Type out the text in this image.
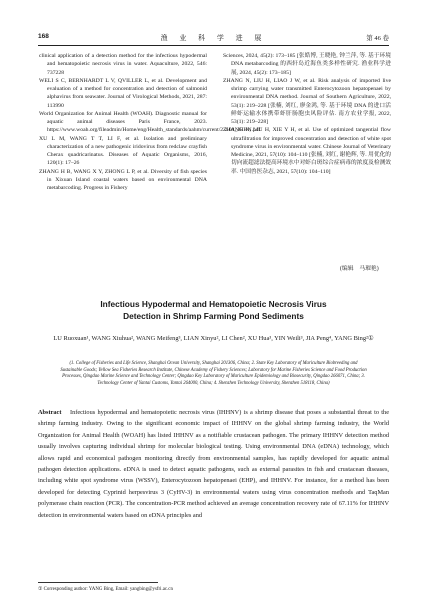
168	渔 业 科 学 进 展	第 46 卷
clinical application of a detection method for the infectious hypodermal and hematopoietic necrosis virus in water. Aquaculture, 2022, 546: 737228
WELI S C, BERNHARDT L V, QVILLER L, et al. Development and evaluation of a method for concentration and detection of salmonid alphavirus from seawater. Journal of Virological Methods, 2021, 287: 113990
World Organization for Animal Health (WOAH). Diagnostic manual for aquatic animal diseases Paris France, 2023. https://www.woah.org/fileadmin/Home/eng/Health_standards/aahm/current/2.2.04_IHHN.pdf
XU L M, WANG T T, LI F, et al. Isolation and preliminary characterization of a new pathogenic iridovirus from redclaw crayfish Cherax quadricarinatus. Diseases of Aquatic Organisms, 2016, 120(1): 17–26
ZHANG H B, WANG X Y, ZHONG L P, et al. Diversity of fish species in Xixuan Island coastal waters based on environmental DNA metabarcoding. Progress in Fishery
Sciences, 2024, 45(2): 173–185 [张皓博, 王晓艳, 钟兰萍, 等. 基于环境 DNA metabarcoding 的西轩岛近海鱼类多样性研究. 渔业科学进展, 2024, 45(2): 173–185]
ZHANG N, LIU H, LIAO J W, et al. Risk analysis of imported live shrimp carrying water transmitted Enterocytozoon hepatopenaei by environmental DNA method. Journal of Southern Agriculture, 2022, 53(1): 219–228 [张楠, 刘红, 廖金鸿, 等. 基于环境 DNA 的进口活鲜虾运输水体携带虾肝肠胞虫风险评估. 南方农业学报, 2022, 53(1): 219–228]
ZHANG N, LIU H, XIE Y H, et al. Use of optimized tangential flow ultrafiltration for improved concentration and detection of white spot syndrome virus in environmental water. Chinese Journal of Veterinary Medicine, 2021, 57(10): 104–110 [张楠, 刘红, 谢艳辉, 等. 用优化的切向流超滤法提高环境水中对虾白斑综合症病毒的浓度及检测效率. 中国兽医杂志, 2021, 57(10): 104–110]
(编辑　马璀艳)
Infectious Hypodermal and Hematopoietic Necrosis Virus
Detection in Shrimp Farming Pond Sediments
LU Ruoxuan¹, WANG Xiuhua², WANG Meifeng³, LIAN Xinyu², LI Chen², XU Hua³, YIN Weili³, JIA Peng⁴, YANG Bing²①
(1. College of Fisheries and Life Science, Shanghai Ocean University, Shanghai 201306, China; 2. State Key Laboratory of Mariculture Biobreeding and Sustainable Goods; Yellow Sea Fisheries Research Institute, Chinese Academy of Fishery Sciences; Laboratory for Marine Fisheries Science and Food Production Processes, Qingdao Marine Science and Technology Center; Qingdao Key Laboratory of Mariculture Epidemiology and Biosecurity, Qingdao 266071, China; 3. Technology Center of Yantai Customs, Yantai 264000, China; 4. Shenzhen Technology University, Shenzhen 518118, China)
Abstract  Infectious hypodermal and hematopoietic necrosis virus (IHHNV) is a shrimp disease that poses a substantial threat to the shrimp farming industry. Owing to the significant economic impact of IHHNV on the global shrimp farming industry, the World Organization for Animal Health (WOAH) has listed IHHNV as a notifiable crustacean pathogen. The primary IHHNV detection method usually involves capturing individual shrimp for molecular biological testing. Using environmental DNA (eDNA) technology, which allows rapid and economical pathogen monitoring directly from environmental samples, has rapidly developed for aquatic animal pathogen detection applications. eDNA is used to detect aquatic pathogens, such as external parasites in fish and crustacean diseases, including white spot syndrome virus (WSSV), Enterocytozoon hepatopenaei (EHP), and IHHNV. For instance, for a method has been developed for detecting Cyprinid herpesvirus 3 (CyHV-3) in environmental waters using virus concentration methods and TaqMan polymerase chain reaction (PCR). The concentration-PCR method achieved an average concentration recovery rate of 67.11% for IHHNV detection in environmental waters based on eDNA principles and
① Corresponding author: YANG Bing, Email: yangbing@ysfri.ac.cn
